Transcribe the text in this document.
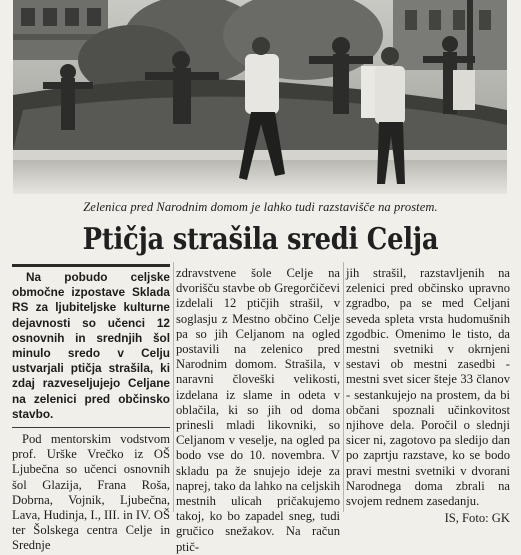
Zelenica pred Narodnim domom je lahko tudi razstavišče na prostem.
Ptičja strašila sredi Celja

Na pobudo celjske območne izpostave Sklada RS za ljubiteljske kulturne dejavnosti so učenci 12 osnovnih in srednjih šol minulo sredo v Celju ustvarjali ptičja strašila, ki zdaj razveseljujejo Celjane na zelenici pred občinsko stavbo.

Pod mentorskim vodstvom prof. Urške Vrečko iz OŠ Ljubečna so učenci osnovnih šol Glazija, Frana Roša, Dobrna, Vojnik, Ljubečna, Lava, Hudinja, I., III. in IV. OŠ ter Šolskega centra Celje in Srednje

zdravstvene šole Celje na dvorišču stavbe ob Gregorčičevi izdelali 12 ptičjih strašil, v soglasju z Mestno občino Celje pa so jih Celjanom na ogled postavili na zelenico pred Narodnim domom. Strašila, v naravni človeški velikosti, izdelana iz slame in odeta v oblačila, ki so jih od doma prinesli mladi likovniki, so Celjanom v veselje, na ogled pa bodo vse do 10. novembra. V skladu pa že snujejo ideje za naprej, tako da lahko na celjskih mestnih ulicah pričakujemo takoj, ko bo zapadel sneg, tudi gručico snežakov. Na račun ptič-

jih strašil, razstavljenih na zelenici pred občinsko upravno zgradbo, pa se med Celjani seveda spleta vrsta hudomušnih zgodbic. Omenimo le tisto, da mestni svetniki v okrnjeni sestavi ob mestni zasedbi - mestni svet sicer šteje 33 članov - sestankujejo na prostem, da bi občani spoznali učinkovitost njihove dela. Poročil o slednji sicer ni, zagotovo pa sledijo dan po zaprtju razstave, ko se bodo pravi mestni svetniki v dvorani Narodnega doma zbrali na svojem rednem zasedanju.

IS, Foto: GK
